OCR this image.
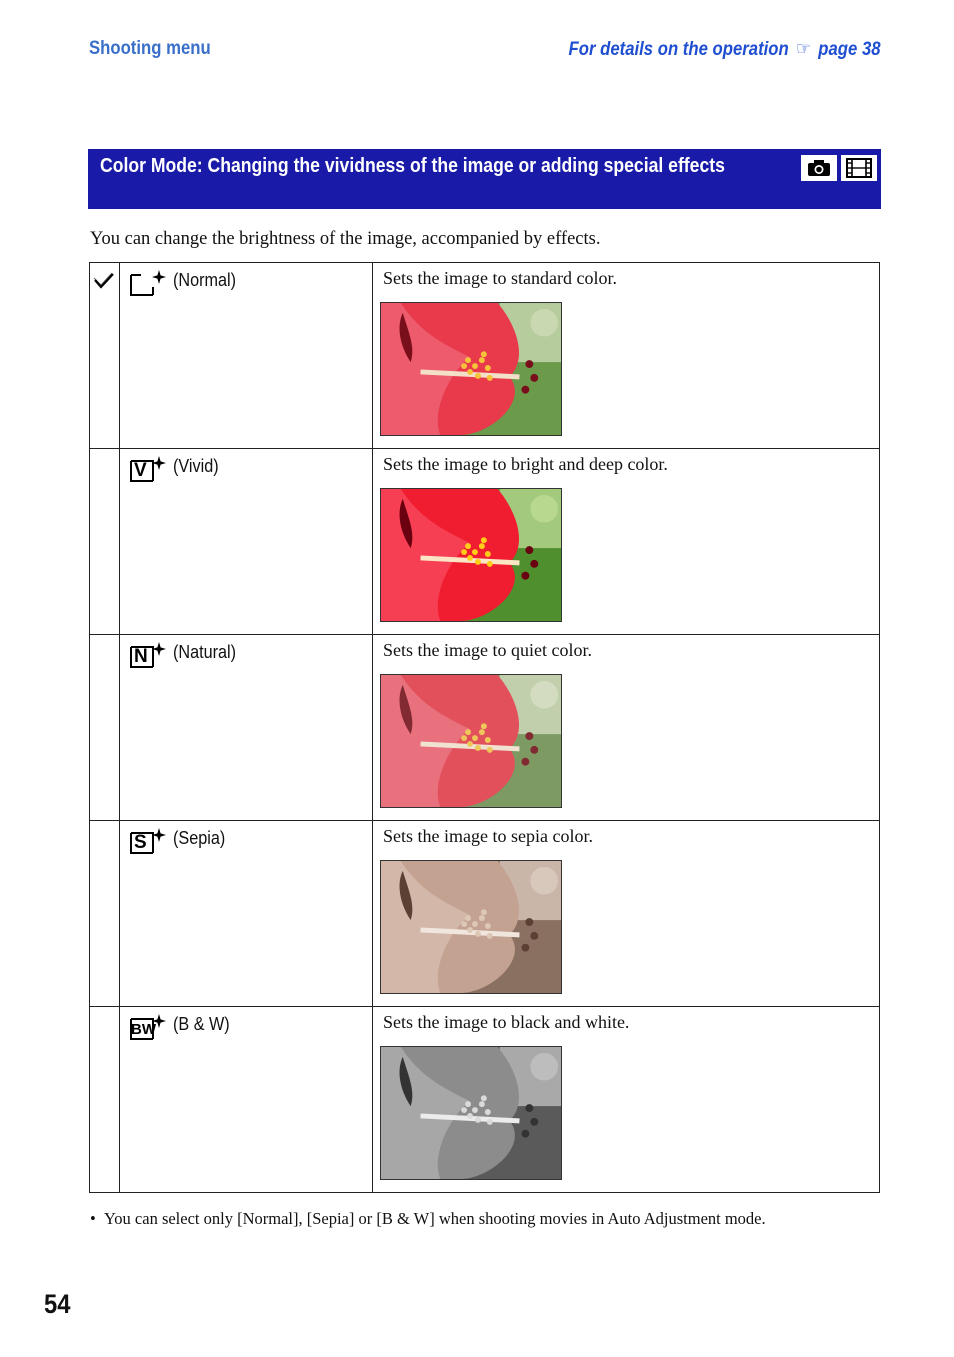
Shooting menu	For details on the operation ☞ page 38
Color Mode: Changing the vividness of the image or adding special effects
You can change the brightness of the image, accompanied by effects.

(Normal)	Sets the image to standard color.

V (Vivid)	Sets the image to bright and deep color.

N (Natural)	Sets the image to quiet color.

S (Sepia)	Sets the image to sepia color.

BW (B & W)	Sets the image to black and white.
•  You can select only [Normal], [Sepia] or [B & W] when shooting movies in Auto Adjustment mode.
54
